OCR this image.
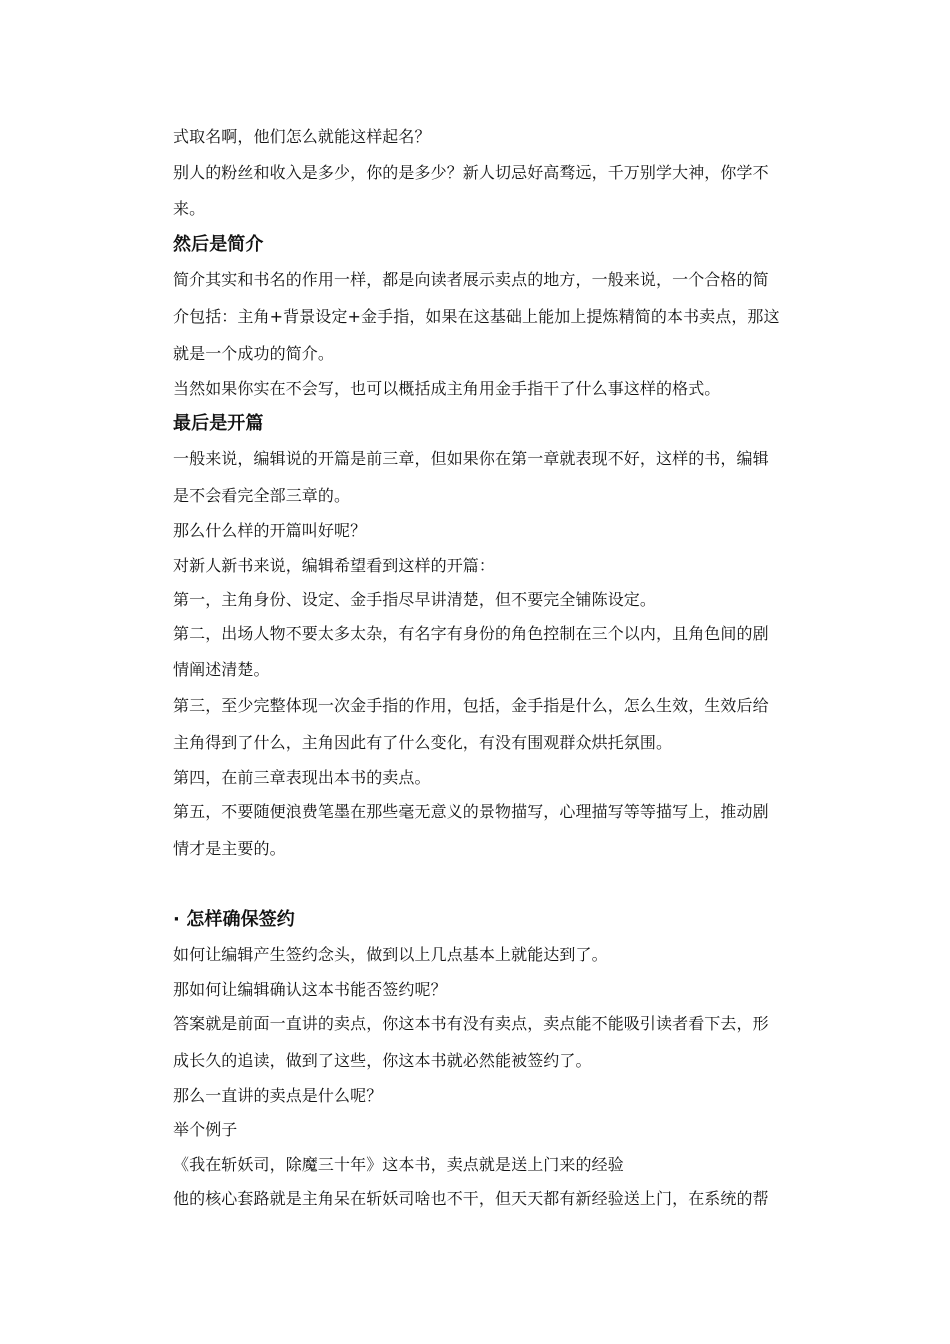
式取名啊，他们怎么就能这样起名？
别人的粉丝和收入是多少，你的是多少？新人切忌好高骛远，千万别学大神，你学不
来。
然后是简介
简介其实和书名的作用一样，都是向读者展示卖点的地方，一般来说，一个合格的简
介包括：主角+背景设定+金手指，如果在这基础上能加上提炼精简的本书卖点，那这
就是一个成功的简介。
当然如果你实在不会写，也可以概括成主角用金手指干了什么事这样的格式。
最后是开篇
一般来说，编辑说的开篇是前三章，但如果你在第一章就表现不好，这样的书，编辑
是不会看完全部三章的。
那么什么样的开篇叫好呢？
对新人新书来说，编辑希望看到这样的开篇：
第一，主角身份、设定、金手指尽早讲清楚，但不要完全铺陈设定。
第二，出场人物不要太多太杂，有名字有身份的角色控制在三个以内，且角色间的剧
情阐述清楚。
第三，至少完整体现一次金手指的作用，包括，金手指是什么，怎么生效，生效后给
主角得到了什么，主角因此有了什么变化，有没有围观群众烘托氛围。
第四，在前三章表现出本书的卖点。
第五，不要随便浪费笔墨在那些毫无意义的景物描写，心理描写等等描写上，推动剧
情才是主要的。
· 怎样确保签约
如何让编辑产生签约念头，做到以上几点基本上就能达到了。
那如何让编辑确认这本书能否签约呢？
答案就是前面一直讲的卖点，你这本书有没有卖点，卖点能不能吸引读者看下去，形
成长久的追读，做到了这些，你这本书就必然能被签约了。
那么一直讲的卖点是什么呢？
举个例子
《我在斩妖司，除魔三十年》这本书，卖点就是送上门来的经验
他的核心套路就是主角呆在斩妖司啥也不干，但天天都有新经验送上门，在系统的帮
